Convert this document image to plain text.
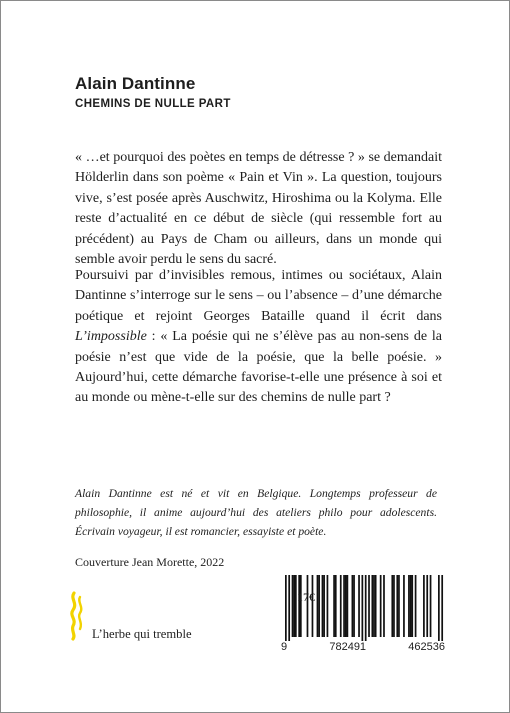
Alain Dantinne
CHEMINS DE NULLE PART

« …et pourquoi des poètes en temps de détresse ? » se demandait Hölderlin dans son poème « Pain et Vin ». La question, toujours vive, s’est posée après Auschwitz, Hiroshima ou la Kolyma. Elle reste d’actualité en ce début de siècle (qui ressemble fort au précédent) au Pays de Cham ou ailleurs, dans un monde qui semble avoir perdu le sens du sacré.

Poursuivi par d’invisibles remous, intimes ou sociétaux, Alain Dantinne s’interroge sur le sens – ou l’absence – d’une démarche poétique et rejoint Georges Bataille quand il écrit dans L’impossible : « La poésie qui ne s’élève pas au non-sens de la poésie n’est que vide de la poésie, que la belle poésie. » Aujourd’hui, cette démarche favorise-t-elle une présence à soi et au monde ou mène-t-elle sur des chemins de nulle part ?

Alain Dantinne est né et vit en Belgique. Longtemps professeur de philosophie, il anime aujourd’hui des ateliers philo pour adolescents. Écrivain voyageur, il est romancier, essayiste et poète.

Couverture Jean Morette, 2022
L’herbe qui tremble
17€
9	782491	462536
